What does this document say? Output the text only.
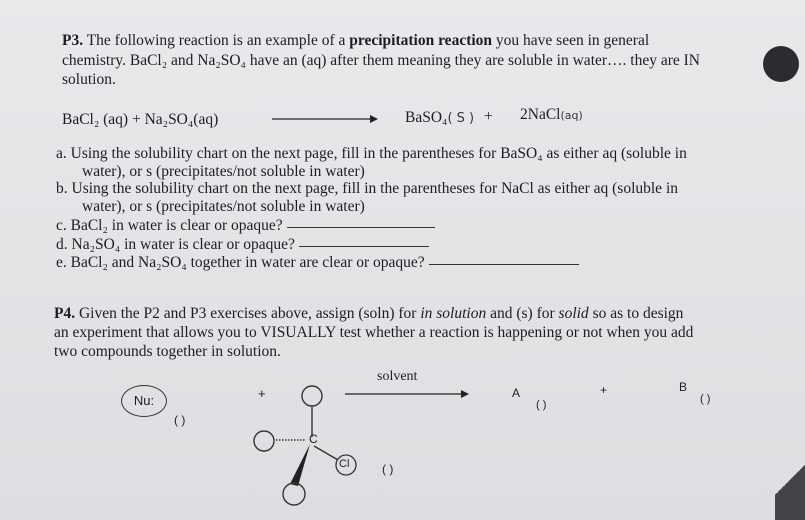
P3. The following reaction is an example of a precipitation reaction you have seen in general
chemistry. BaCl₂ and Na₂SO₄ have an (aq) after them meaning they are soluble in water…. they are IN
solution.
BaCl₂ (aq) + Na₂SO₄(aq)	BaSO₄( S ) + 2NaCl(aq)
a. Using the solubility chart on the next page, fill in the parentheses for BaSO₄ as either aq (soluble in
water), or s (precipitates/not soluble in water)
b. Using the solubility chart on the next page, fill in the parentheses for NaCl as either aq (soluble in
water), or s (precipitates/not soluble in water)
c. BaCl₂ in water is clear or opaque?
d. Na₂SO₄ in water is clear or opaque?
e. BaCl₂ and Na₂SO₄ together in water are clear or opaque?
P4. Given the P2 and P3 exercises above, assign (soln) for in solution and (s) for solid so as to design
an experiment that allows you to VISUALLY test whether a reaction is happening or not when you add
two compounds together in solution.
Nu:
( )
+
C
Cl	( )
solvent
A
( )
+	B
( )
